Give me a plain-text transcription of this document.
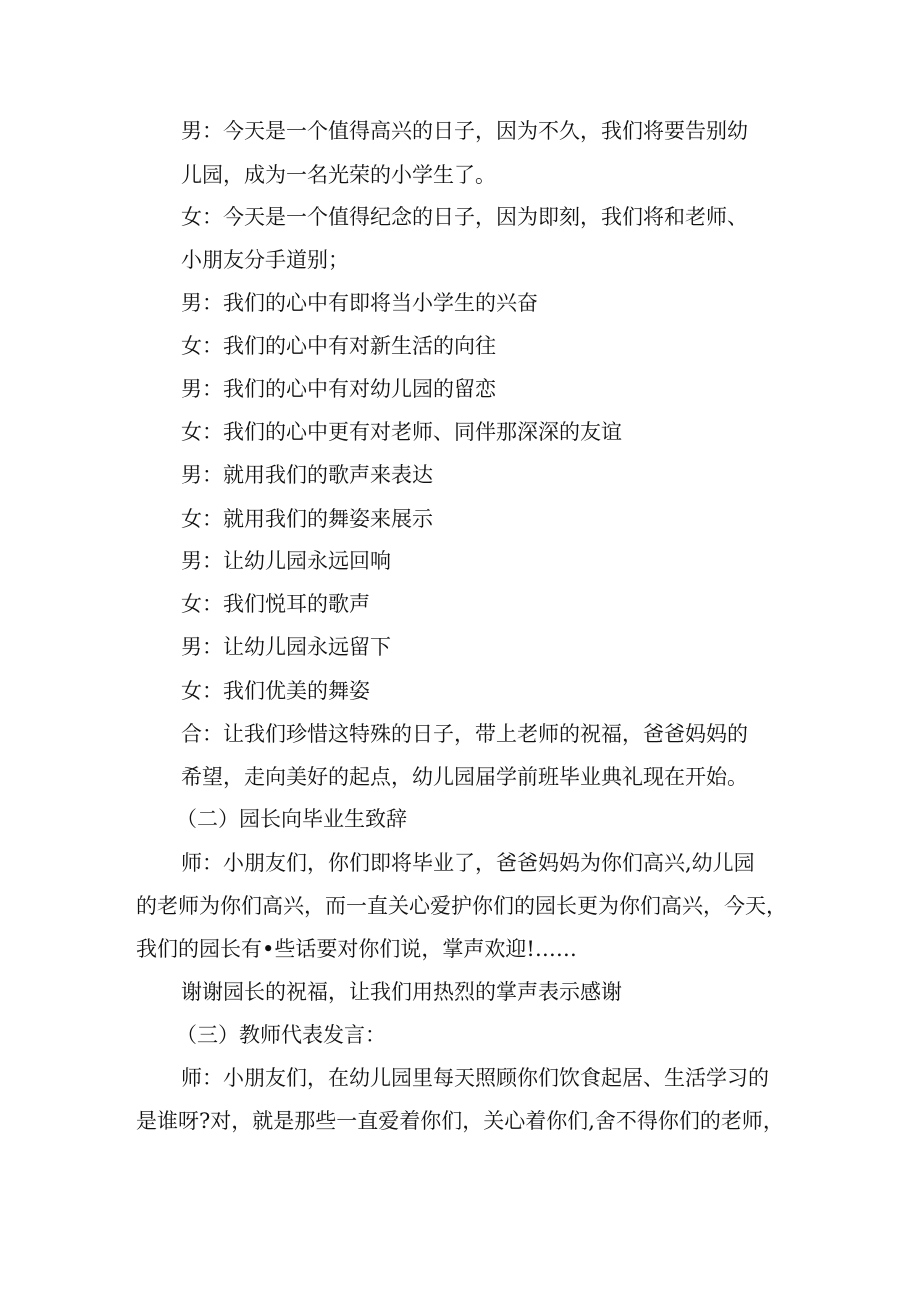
男：今天是一个值得高兴的日子，因为不久，我们将要告别幼
儿园，成为一名光荣的小学生了。
女：今天是一个值得纪念的日子，因为即刻，我们将和老师、
小朋友分手道别；
男：我们的心中有即将当小学生的兴奋
女：我们的心中有对新生活的向往
男：我们的心中有对幼儿园的留恋
女：我们的心中更有对老师、同伴那深深的友谊
男：就用我们的歌声来表达
女：就用我们的舞姿来展示
男：让幼儿园永远回响
女：我们悦耳的歌声
男：让幼儿园永远留下
女：我们优美的舞姿
合：让我们珍惜这特殊的日子，带上老师的祝福，爸爸妈妈的
希望，走向美好的起点，幼儿园届学前班毕业典礼现在开始。
（二）园长向毕业生致辞
师：小朋友们，你们即将毕业了，爸爸妈妈为你们高兴,幼儿园
的老师为你们高兴，而一直关心爱护你们的园长更为你们高兴，今天，
我们的园长有•些话要对你们说，掌声欢迎!……
谢谢园长的祝福，让我们用热烈的掌声表示感谢
（三）教师代表发言：
师：小朋友们，在幼儿园里每天照顾你们饮食起居、生活学习的
是谁呀?对，就是那些一直爱着你们，关心着你们,舍不得你们的老师，
